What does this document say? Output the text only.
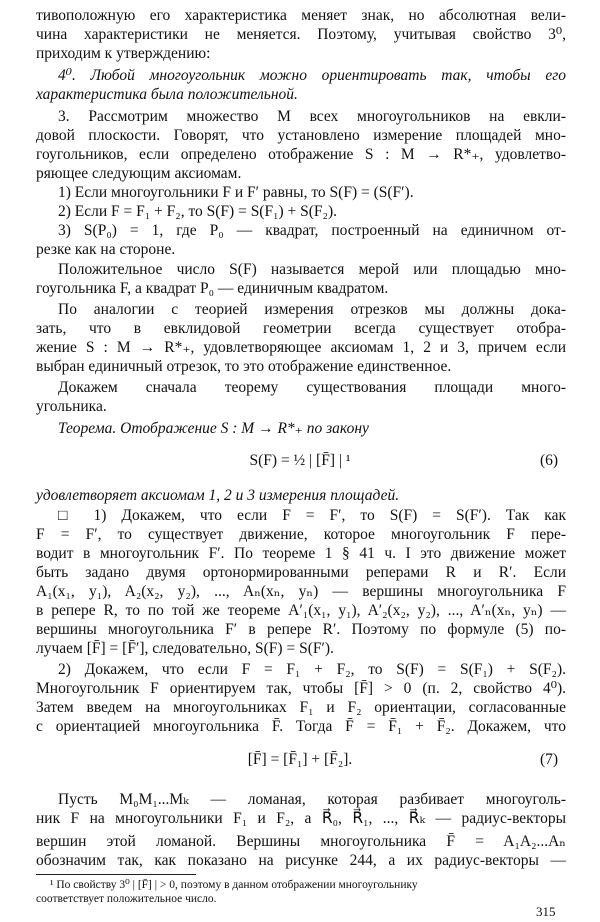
тивоположную его характеристика меняет знак, но абсолютная вели-
чина характеристики не меняется. Поэтому, учитывая свойство 3⁰,
приходим к утверждению:
4⁰. Любой многоугольник можно ориентировать так, чтобы его
характеристика была положительной.
3. Рассмотрим множество M всех многоугольников на евкли-
довой плоскости. Говорят, что установлено измерение площадей мно-
гоугольников, если определено отображение S : M → R*₊, удовлетво-
ряющее следующим аксиомам.
1) Если многоугольники F и F′ равны, то S(F) = (S(F′).
2) Если F = F₁ + F₂, то S(F) = S(F₁) + S(F₂).
3) S(P₀) = 1, где P₀ — квадрат, построенный на единичном от-
резке как на стороне.
Положительное число S(F) называется мерой или площадью мно-
гоугольника F, а квадрат P₀ — единичным квадратом.
По аналогии с теорией измерения отрезков мы должны дока-
зать, что в евклидовой геометрии всегда существует отобра-
жение S : M → R*₊, удовлетворяющее аксиомам 1, 2 и 3, причем если
выбран единичный отрезок, то это отображение единственное.
Докажем сначала теорему существования площади много-
угольника.
Теорема. Отображение S : M → R*₊ по закону
S(F) = ½ | [F̄] | ¹	(6)
удовлетворяет аксиомам 1, 2 и 3 измерения площадей.
□ 1) Докажем, что если F = F′, то S(F) = S(F′). Так как
F = F′, то существует движение, которое многоугольник F пере-
водит в многоугольник F′. По теореме 1 § 41 ч. I это движение может
быть задано двумя ортонормированными реперами R и R′. Если
A₁(x₁, y₁), A₂(x₂, y₂), ..., Aₙ(xₙ, yₙ) — вершины многоугольника F
в репере R, то по той же теореме A′₁(x₁, y₁), A′₂(x₂, y₂), ..., A′ₙ(xₙ, yₙ) —
вершины многоугольника F′ в репере R′. Поэтому по формуле (5) по-
лучаем [F̄] = [F̄′], следовательно, S(F) = S(F′).
2) Докажем, что если F = F₁ + F₂, то S(F) = S(F₁) + S(F₂).
Многоугольник F ориентируем так, чтобы [F̄] > 0 (п. 2, свойство 4⁰).
Затем введем на многоугольниках F₁ и F₂ ориентации, согласованные
с ориентацией многоугольника F̄. Тогда F̄ = F̄₁ + F̄₂. Докажем, что
[F̄] = [F̄₁] + [F̄₂].	(7)
Пусть M₀M₁...Mₖ — ломаная, которая разбивает многоуголь-
ник F на многоугольники F₁ и F₂, а R⃗₀, R⃗₁, ..., R⃗ₖ — радиус-векторы
вершин этой ломаной. Вершины многоугольника F̄ = A₁A₂...Aₙ
обозначим так, как показано на рисунке 244, а их радиус-векторы —
¹ По свойству 3⁰ | [F̄] | > 0, поэтому в данном отображении многоугольнику
соответствует положительное число.
315
